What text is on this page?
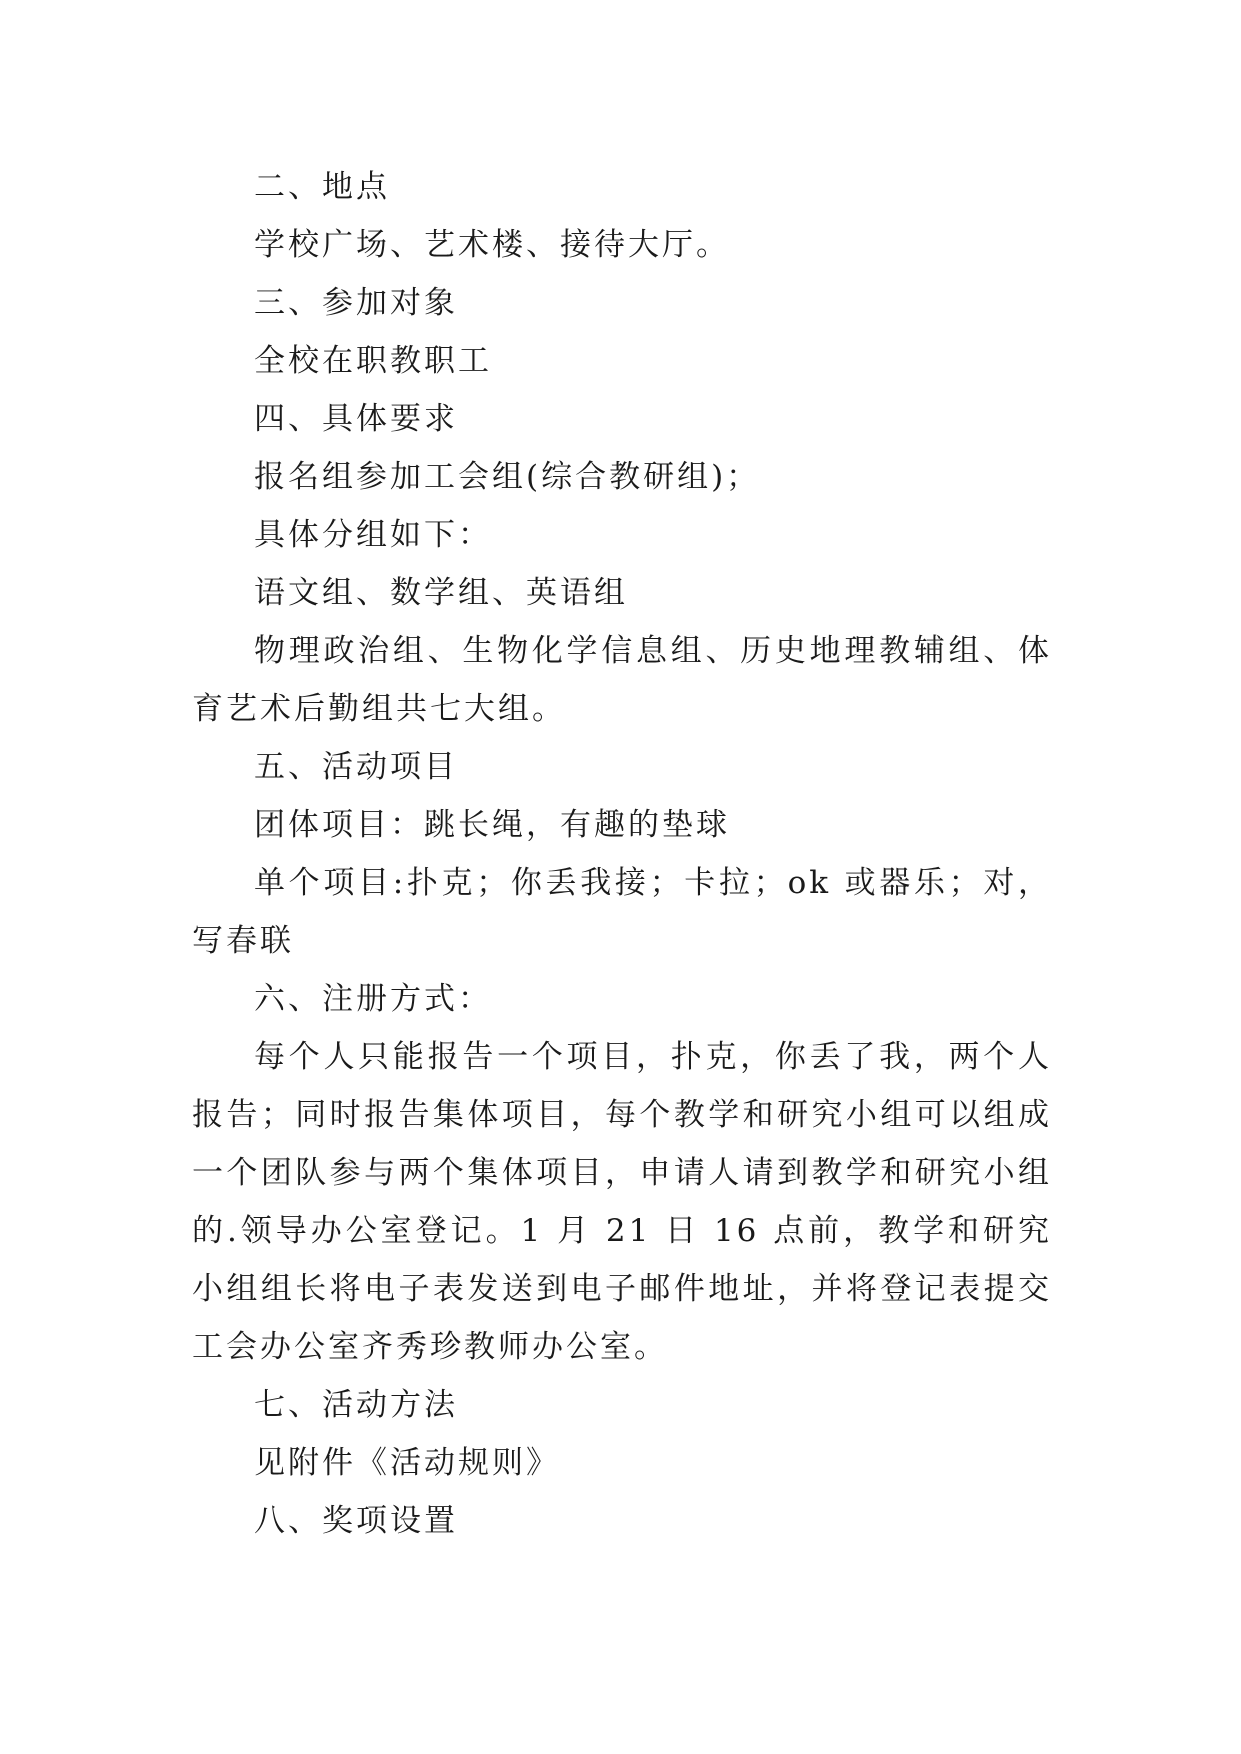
二、地点

学校广场、艺术楼、接待大厅。

三、参加对象

全校在职教职工

四、具体要求

报名组参加工会组(综合教研组)；

具体分组如下：

语文组、数学组、英语组

物理政治组、生物化学信息组、历史地理教辅组、体育艺术后勤组共七大组。

五、活动项目

团体项目：跳长绳，有趣的垫球

单个项目:扑克；你丢我接；卡拉；ok 或器乐；对，写春联

六、注册方式：

每个人只能报告一个项目，扑克，你丢了我，两个人报告；同时报告集体项目，每个教学和研究小组可以组成一个团队参与两个集体项目，申请人请到教学和研究小组的.领导办公室登记。1 月 21 日 16 点前，教学和研究小组组长将电子表发送到电子邮件地址，并将登记表提交工会办公室齐秀珍教师办公室。

七、活动方法

见附件《活动规则》

八、奖项设置
